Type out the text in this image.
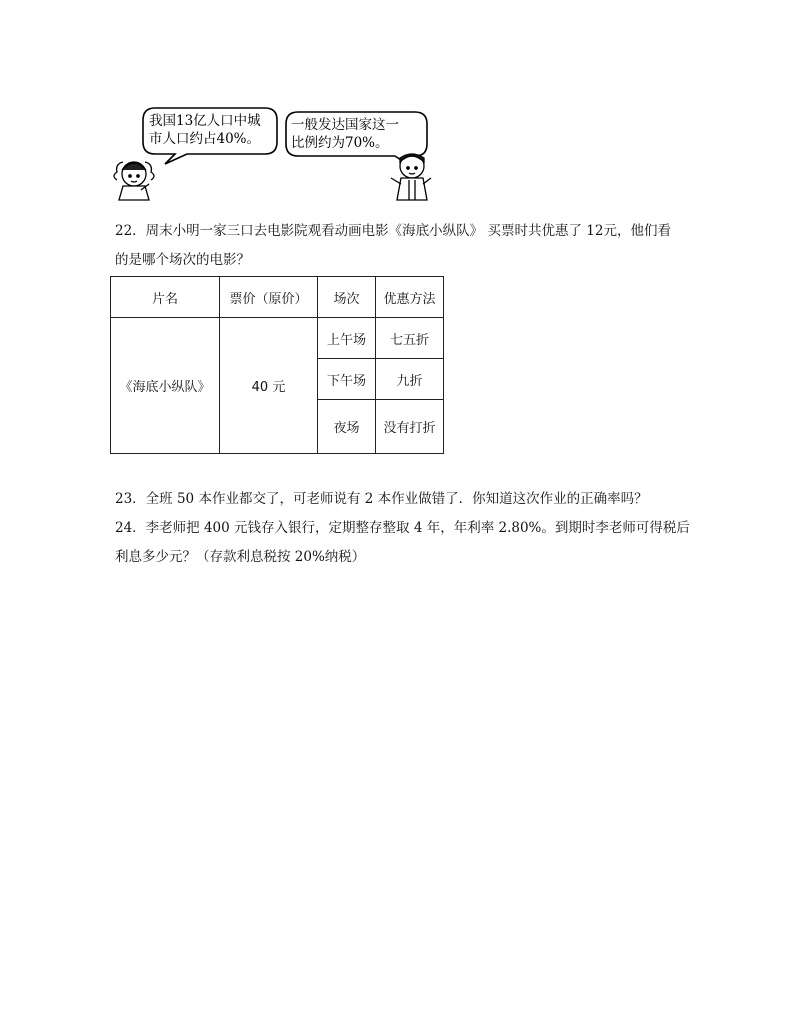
我国13亿人口中城
市人口约占40%。
一般发达国家这一
比例约为70%。
22．周末小明一家三口去电影院观看动画电影《海底小纵队》 买票时共优惠了 12元，他们看
的是哪个场次的电影？
片名	票价（原价）	场次	优惠方法
《海底小纵队》	40 元	上午场	七五折
		下午场	九折
		夜场	没有打折
23．全班 50 本作业都交了，可老师说有 2 本作业做错了．你知道这次作业的正确率吗？
24．李老师把 400 元钱存入银行，定期整存整取 4 年，年利率 2.80%。到期时李老师可得税后
利息多少元？（存款利息税按 20%纳税）
